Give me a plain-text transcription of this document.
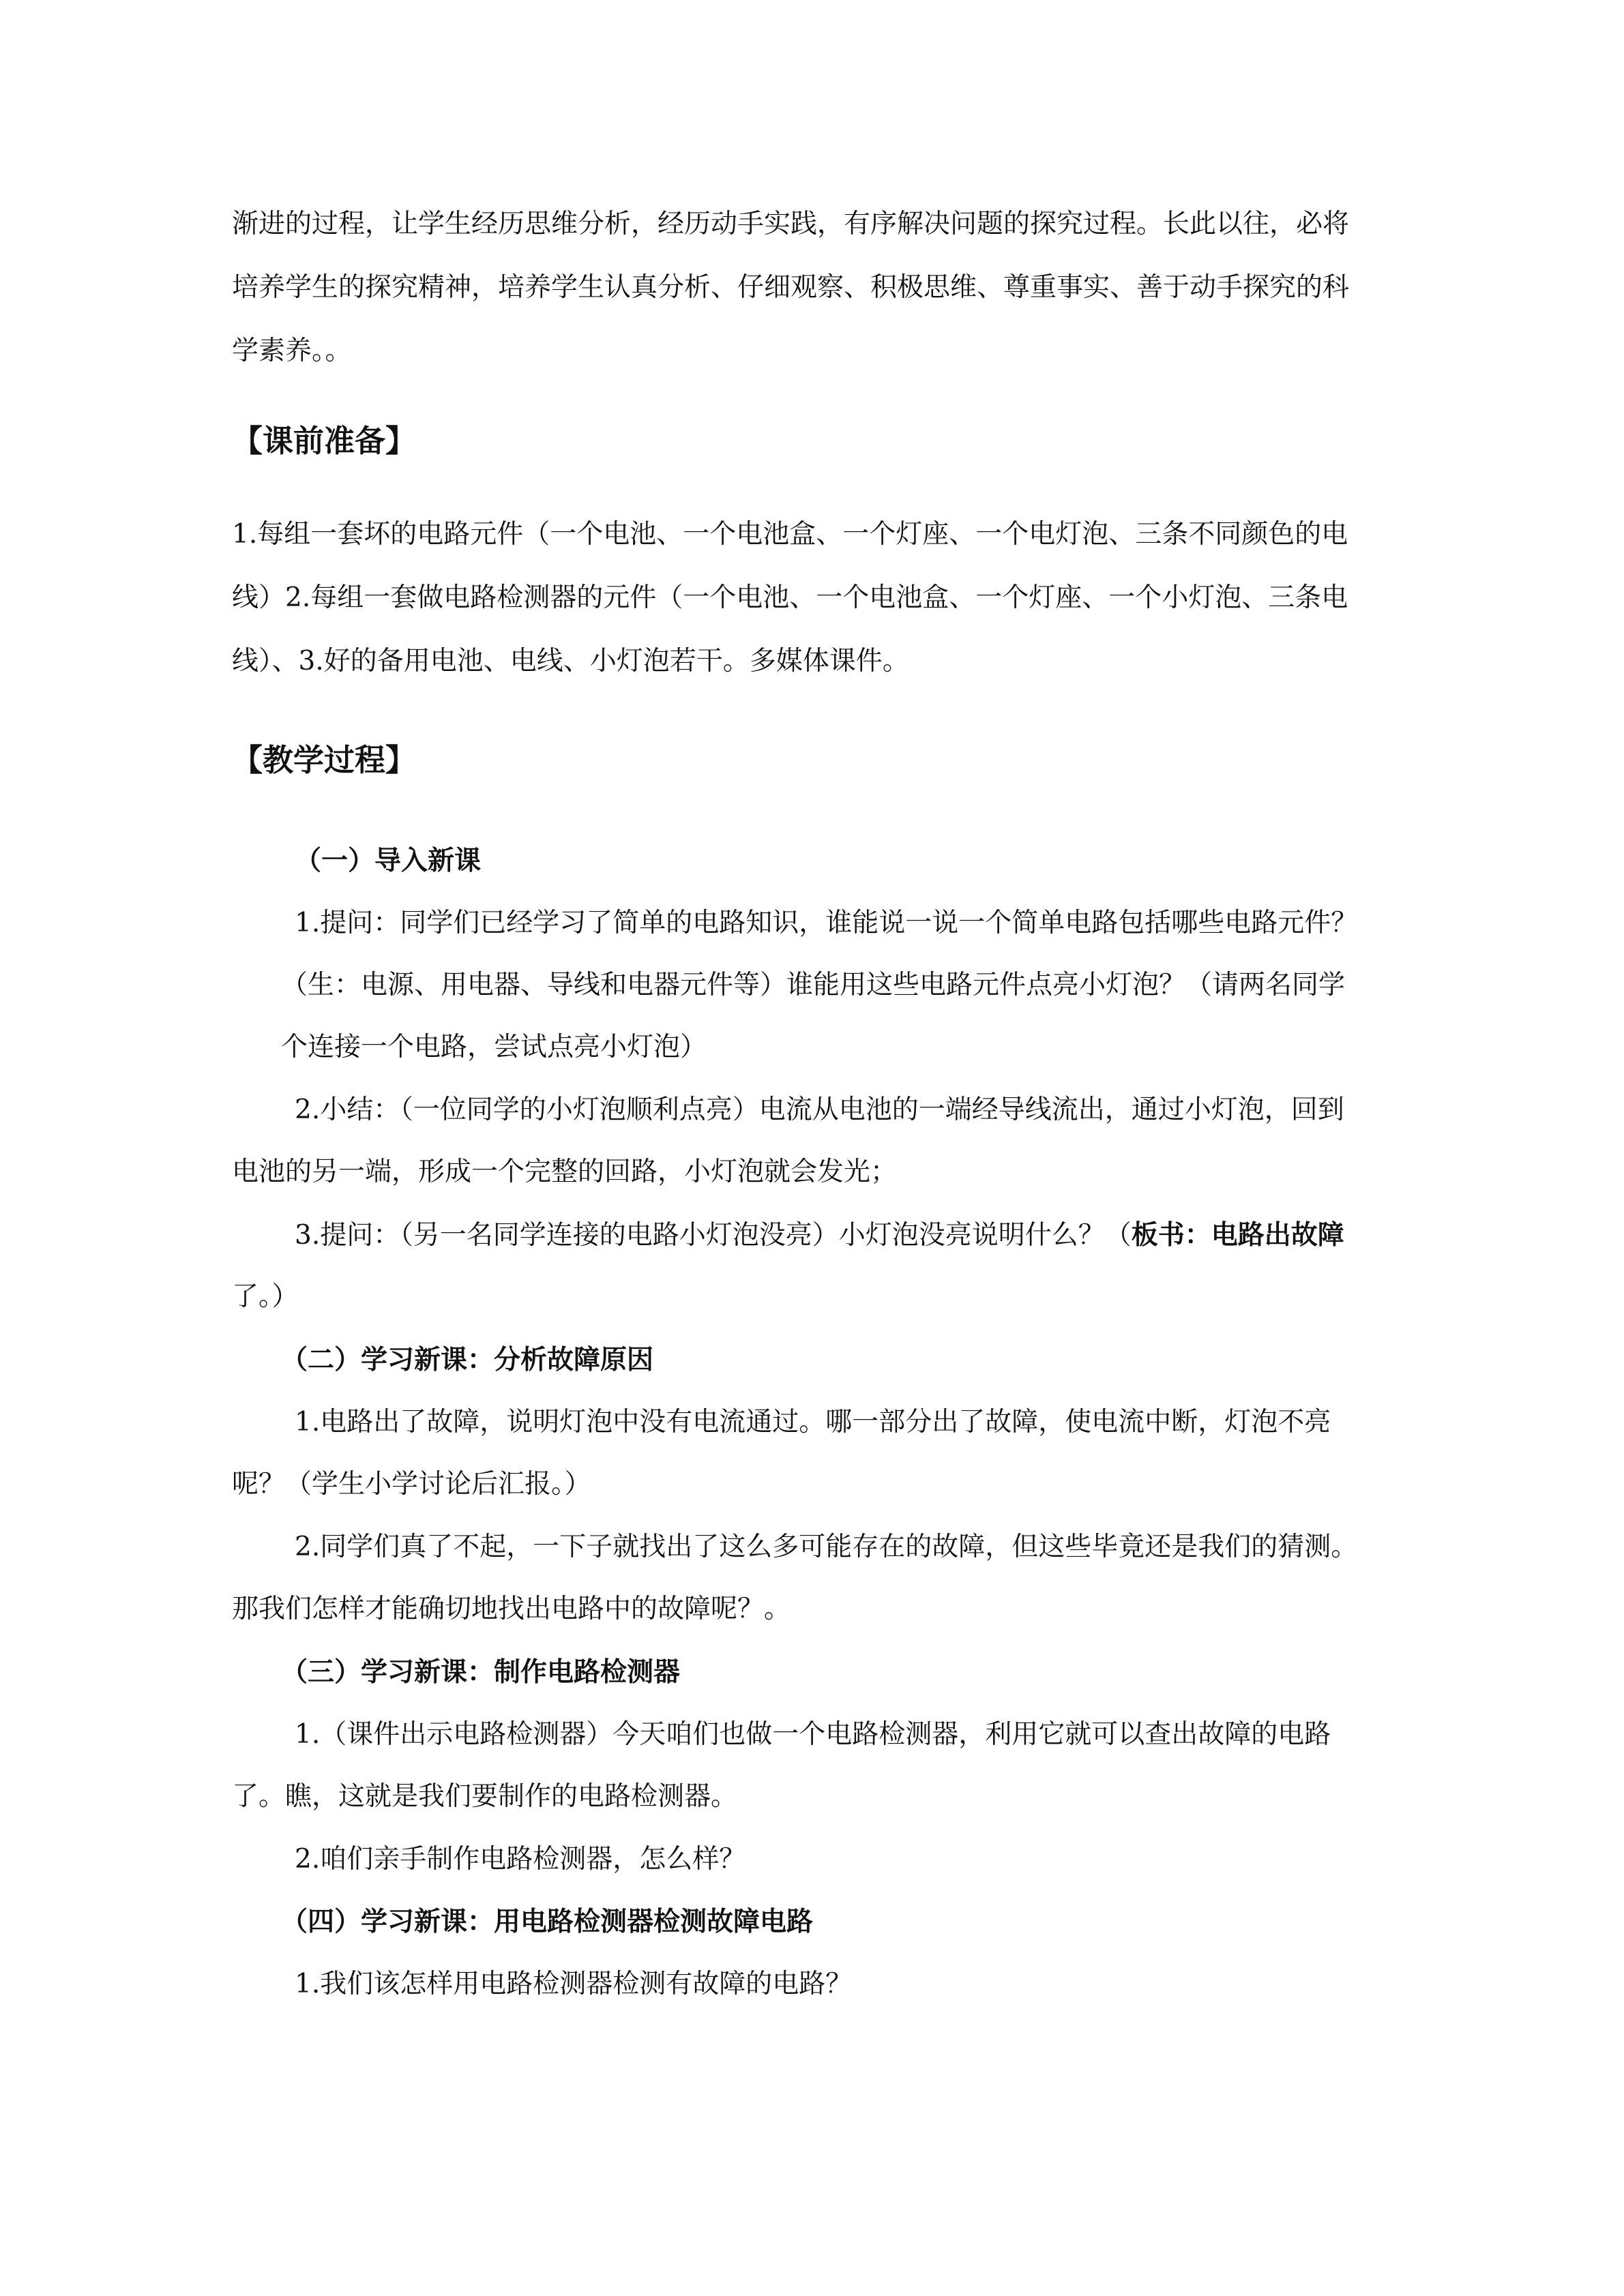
渐进的过程，让学生经历思维分析，经历动手实践，有序解决问题的探究过程。长此以往，必将
培养学生的探究精神，培养学生认真分析、仔细观察、积极思维、尊重事实、善于动手探究的科
学素养。。
【课前准备】
1.每组一套坏的电路元件（一个电池、一个电池盒、一个灯座、一个电灯泡、三条不同颜色的电
线）2.每组一套做电路检测器的元件（一个电池、一个电池盒、一个灯座、一个小灯泡、三条电
线）、3.好的备用电池、电线、小灯泡若干。多媒体课件。
【教学过程】
（一）导入新课
1.提问：同学们已经学习了简单的电路知识，谁能说一说一个简单电路包括哪些电路元件？
（生：电源、用电器、导线和电器元件等）谁能用这些电路元件点亮小灯泡？（请两名同学
个连接一个电路，尝试点亮小灯泡）
2.小结：（一位同学的小灯泡顺利点亮）电流从电池的一端经导线流出，通过小灯泡，回到
电池的另一端，形成一个完整的回路，小灯泡就会发光；
3.提问：（另一名同学连接的电路小灯泡没亮）小灯泡没亮说明什么？（板书：电路出故障
了。）
（二）学习新课：分析故障原因
1.电路出了故障，说明灯泡中没有电流通过。哪一部分出了故障，使电流中断，灯泡不亮
呢？（学生小学讨论后汇报。）
2.同学们真了不起，一下子就找出了这么多可能存在的故障，但这些毕竟还是我们的猜测。
那我们怎样才能确切地找出电路中的故障呢？。
（三）学习新课：制作电路检测器
1.（课件出示电路检测器）今天咱们也做一个电路检测器，利用它就可以查出故障的电路
了。瞧，这就是我们要制作的电路检测器。
2.咱们亲手制作电路检测器，怎么样？
（四）学习新课：用电路检测器检测故障电路
1.我们该怎样用电路检测器检测有故障的电路？
